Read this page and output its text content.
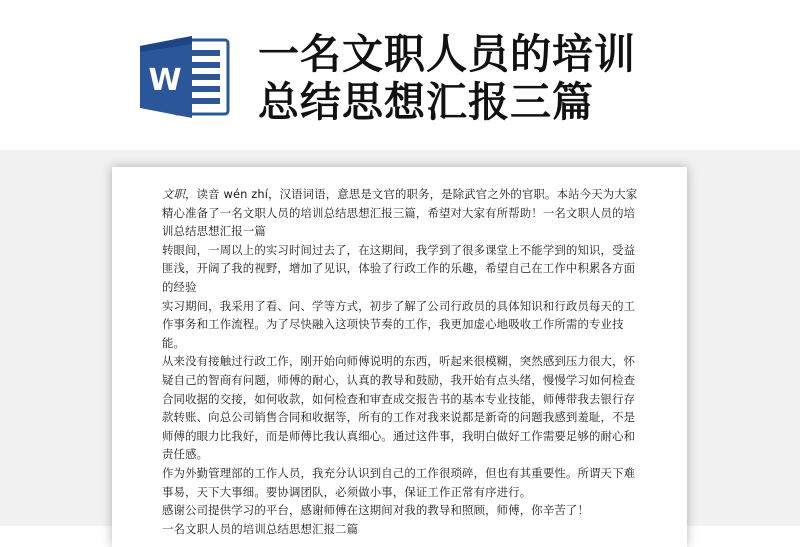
W
一名文职人员的培训
总结思想汇报三篇

文职，读音 wén zhí，汉语词语，意思是文官的职务，是除武官之外的官职。本站今天为大家精心准备了一名文职人员的培训总结思想汇报三篇，希望对大家有所帮助！一名文职人员的培训总结思想汇报一篇

转眼间，一周以上的实习时间过去了，在这期间，我学到了很多课堂上不能学到的知识，受益匪浅，开阔了我的视野，增加了见识，体验了行政工作的乐趣，希望自己在工作中积累各方面的经验

实习期间，我采用了看、问、学等方式，初步了解了公司行政员的具体知识和行政员每天的工作事务和工作流程。为了尽快融入这项快节奏的工作，我更加虚心地吸收工作所需的专业技能。

从来没有接触过行政工作，刚开始向师傅说明的东西，听起来很模糊，突然感到压力很大，怀疑自己的智商有问题，师傅的耐心，认真的教导和鼓励，我开始有点头绪，慢慢学习如何检查合同收据的交接，如何收款，如何检查和审查成交报告书的基本专业技能，师傅带我去银行存款转账、向总公司销售合同和收据等，所有的工作对我来说都是新奇的问题我感到羞耻，不是师傅的眼力比我好，而是师傅比我认真细心。通过这件事，我明白做好工作需要足够的耐心和责任感。

作为外勤管理部的工作人员，我充分认识到自己的工作很琐碎，但也有其重要性。所谓天下难事易，天下大事细。要协调团队，必须做小事，保证工作正常有序进行。

感谢公司提供学习的平台，感谢师傅在这期间对我的教导和照顾，师傅，你辛苦了！

一名文职人员的培训总结思想汇报二篇
